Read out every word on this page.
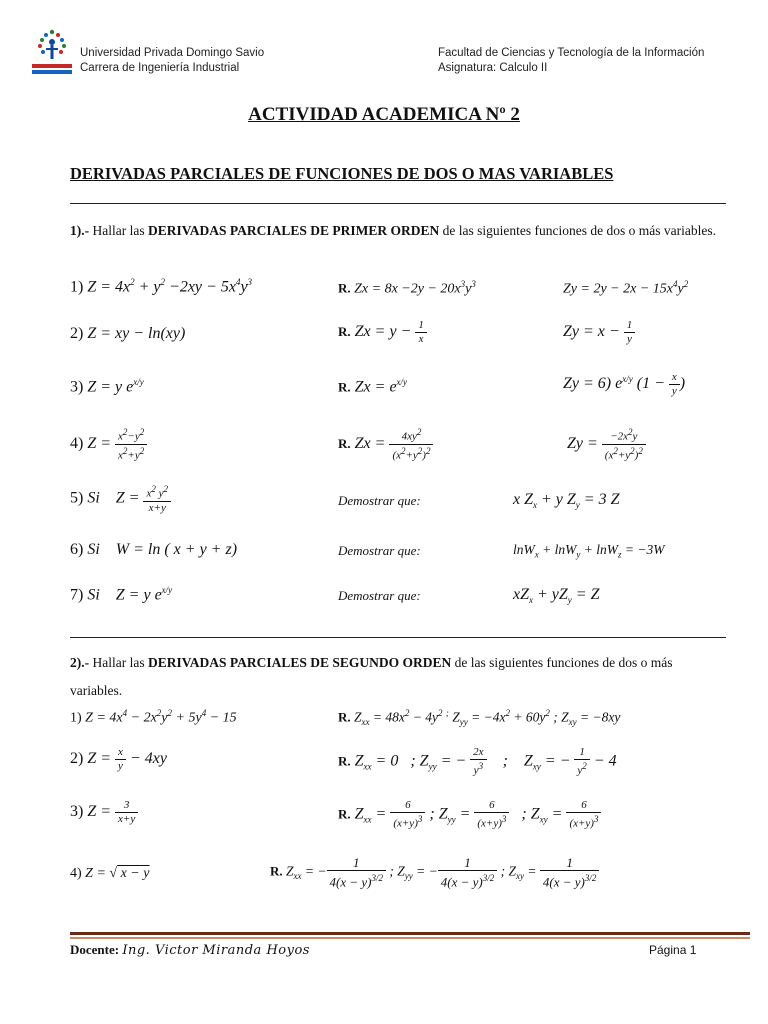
Universidad Privada Domingo Savio
Carrera de Ingeniería Industrial
Facultad de Ciencias y Tecnología de la Información
Asignatura: Calculo II
ACTIVIDAD ACADEMICA Nº 2
DERIVADAS PARCIALES DE FUNCIONES DE DOS O MAS VARIABLES
1).- Hallar las DERIVADAS PARCIALES DE PRIMER ORDEN de las siguientes funciones de dos o más variables.
1) $Z = 4x^2 + y^2 -2xy - 5x^4y^3$	R. $Zx = 8x -2y - 20x^3y^3$	$Zy = 2y - 2x - 15x^4y^2$
2) Z = xy − ln(xy)	R. $Zx = y - \frac{1}{x}$	$Zy = x - \frac{1}{y}$
3) Z = y $e^{x/y}$	R. $Zx = e^{x/y}$	Zy = 6) $e^{x/y}$ ($1 - \frac{x}{y}$ )
4) $Z = \frac{x^2-y^2}{x^2+y^2}$	R. $Zx = \frac{4xy^2}{(x^2+y^2)^2}$	$Zy = \frac{-2x^2y}{(x^2+y^2)^2}$
5) Si    $Z = \frac{x^2 y^2}{x+y}$	Demostrar que:	x $Z_x + y$ $Z_y = 3$ Z
6) Si    W = ln ( x + y + z)	Demostrar que:	lnW$_x$ + lnW$_y$ + lnW$_z$ = −3W
7) Si    Z = y $e^{x/y}$	Demostrar que:	$xZ_x + yZ_y = Z$
2).- Hallar las DERIVADAS PARCIALES DE SEGUNDO ORDEN de las siguientes funciones de dos o más variables.
1) $Z = 4x^4 - 2x^2y^2 + 5y^4 - 15$	R. $Z_{xx} = 48x^2 - 4y^2$ ; $Z_{yy} = -4x^2 + 60y^2$ ; $Z_{xy} = -8xy$
2) $Z = \frac{x}{y} - 4xy$	R. $Z_{xx} = 0$   ; $Z_{yy}$ = − $\frac{2x}{y^3}$ ;    $Z_{xy}$ = − $\frac{1}{y^2} - 4$
3) $Z = \frac{3}{x+y}$	R. $Z_{xx} = \frac{6}{(x+y)^3}$ ; $Z_{yy} = \frac{6}{(x+y)^3}$ ; $Z_{xy} = \frac{6}{(x+y)^3}$
4) Z = √ x − y	R. $Z_{xx}$ = − $\frac{1}{4(x - y)^{3/2}}$ ; $Z_{yy}$ = − $\frac{1}{4(x - y)^{3/2}}$ ; $Z_{xy} = \frac{1}{4(x - y)^{3/2}}$
Docente: Ing. Victor Miranda Hoyos	Página 1
